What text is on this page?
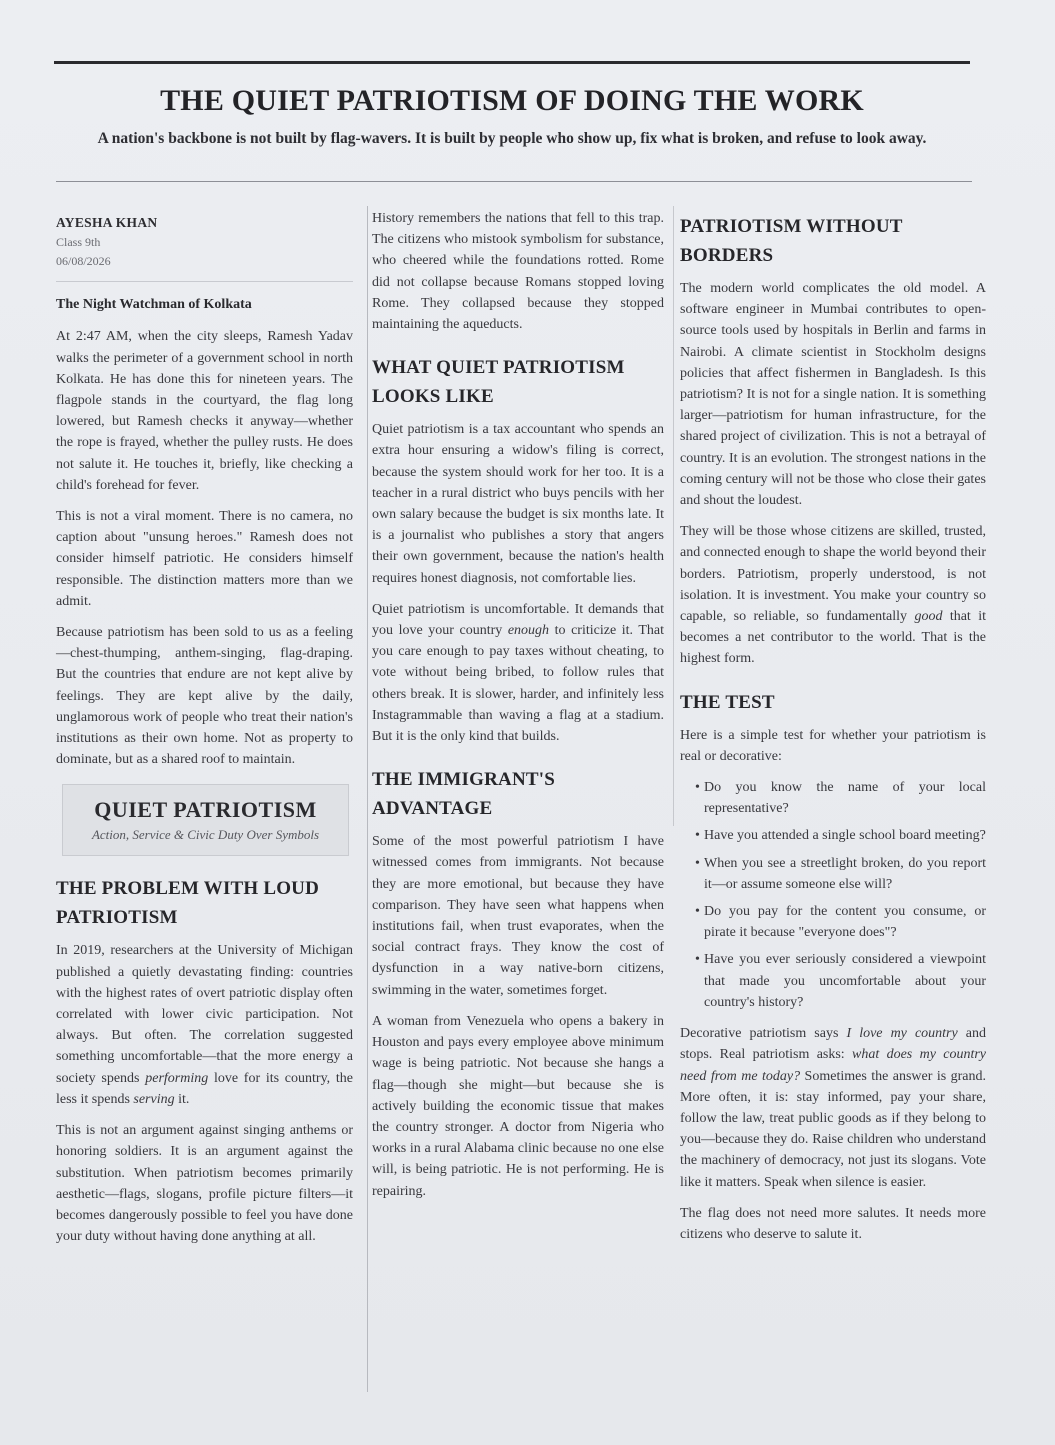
THE QUIET PATRIOTISM OF DOING THE WORK
A nation's backbone is not built by flag-wavers. It is built by people who show up, fix what is broken, and refuse to look away.
AYESHA KHAN
Class 9th
06/08/2026
The Night Watchman of Kolkata

At 2:47 AM, when the city sleeps, Ramesh Yadav walks the perimeter of a government school in north Kolkata. He has done this for nineteen years. The flagpole stands in the courtyard, the flag long lowered, but Ramesh checks it anyway—whether the rope is frayed, whether the pulley rusts. He does not salute it. He touches it, briefly, like checking a child's forehead for fever.

This is not a viral moment. There is no camera, no caption about "unsung heroes." Ramesh does not consider himself patriotic. He considers himself responsible. The distinction matters more than we admit.

Because patriotism has been sold to us as a feeling—chest-thumping, anthem-singing, flag-draping. But the countries that endure are not kept alive by feelings. They are kept alive by the daily, unglamorous work of people who treat their nation's institutions as their own home. Not as property to dominate, but as a shared roof to maintain.

QUIET PATRIOTISM
Action, Service & Civic Duty Over Symbols
THE PROBLEM WITH LOUD PATRIOTISM

In 2019, researchers at the University of Michigan published a quietly devastating finding: countries with the highest rates of overt patriotic display often correlated with lower civic participation. Not always. But often. The correlation suggested something uncomfortable—that the more energy a society spends performing love for its country, the less it spends serving it.

This is not an argument against singing anthems or honoring soldiers. It is an argument against the substitution. When patriotism becomes primarily aesthetic—flags, slogans, profile picture filters—it becomes dangerously possible to feel you have done your duty without having done anything at all.

History remembers the nations that fell to this trap. The citizens who mistook symbolism for substance, who cheered while the foundations rotted. Rome did not collapse because Romans stopped loving Rome. They collapsed because they stopped maintaining the aqueducts.

WHAT QUIET PATRIOTISM LOOKS LIKE

Quiet patriotism is a tax accountant who spends an extra hour ensuring a widow's filing is correct, because the system should work for her too. It is a teacher in a rural district who buys pencils with her own salary because the budget is six months late. It is a journalist who publishes a story that angers their own government, because the nation's health requires honest diagnosis, not comfortable lies.

Quiet patriotism is uncomfortable. It demands that you love your country enough to criticize it. That you care enough to pay taxes without cheating, to vote without being bribed, to follow rules that others break. It is slower, harder, and infinitely less Instagrammable than waving a flag at a stadium. But it is the only kind that builds.

THE IMMIGRANT'S ADVANTAGE

Some of the most powerful patriotism I have witnessed comes from immigrants. Not because they are more emotional, but because they have comparison. They have seen what happens when institutions fail, when trust evaporates, when the social contract frays. They know the cost of dysfunction in a way native-born citizens, swimming in the water, sometimes forget.

A woman from Venezuela who opens a bakery in Houston and pays every employee above minimum wage is being patriotic. Not because she hangs a flag—though she might—but because she is actively building the economic tissue that makes the country stronger. A doctor from Nigeria who works in a rural Alabama clinic because no one else will, is being patriotic. He is not performing. He is repairing.

PATRIOTISM WITHOUT BORDERS

The modern world complicates the old model. A software engineer in Mumbai contributes to open-source tools used by hospitals in Berlin and farms in Nairobi. A climate scientist in Stockholm designs policies that affect fishermen in Bangladesh. Is this patriotism? It is not for a single nation. It is something larger—patriotism for human infrastructure, for the shared project of civilization. This is not a betrayal of country. It is an evolution. The strongest nations in the coming century will not be those who close their gates and shout the loudest.

They will be those whose citizens are skilled, trusted, and connected enough to shape the world beyond their borders. Patriotism, properly understood, is not isolation. It is investment. You make your country so capable, so reliable, so fundamentally good that it becomes a net contributor to the world. That is the highest form.

THE TEST

Here is a simple test for whether your patriotism is real or decorative:

• Do you know the name of your local representative?
• Have you attended a single school board meeting?
• When you see a streetlight broken, do you report it—or assume someone else will?
• Do you pay for the content you consume, or pirate it because "everyone does"?
• Have you ever seriously considered a viewpoint that made you uncomfortable about your country's history?

Decorative patriotism says I love my country and stops. Real patriotism asks: what does my country need from me today? Sometimes the answer is grand. More often, it is: stay informed, pay your share, follow the law, treat public goods as if they belong to you—because they do. Raise children who understand the machinery of democracy, not just its slogans. Vote like it matters. Speak when silence is easier.

The flag does not need more salutes. It needs more citizens who deserve to salute it.
